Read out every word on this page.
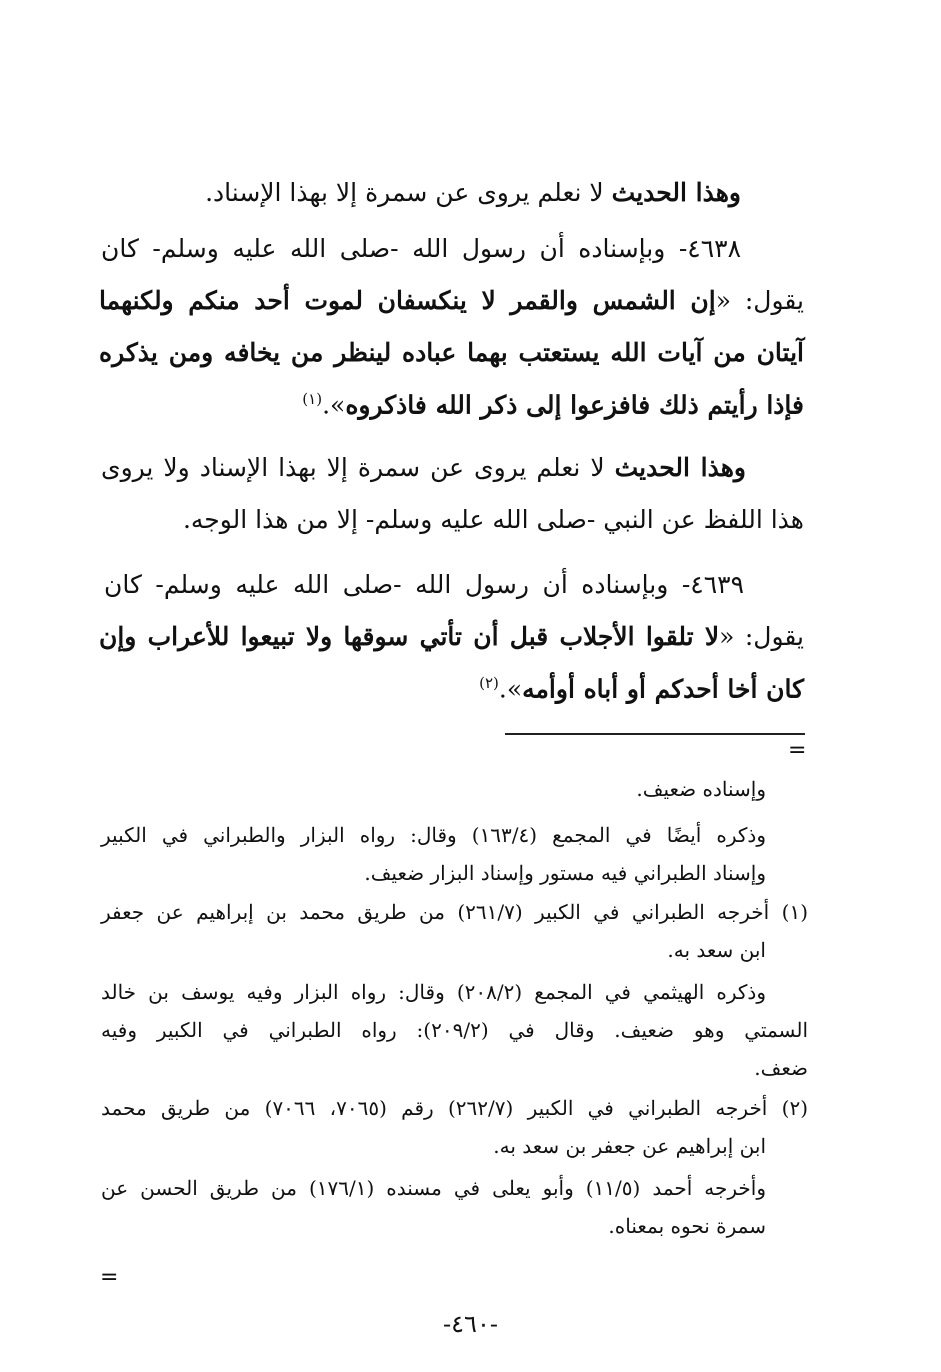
وهذا الحديث لا نعلم يروى عن سمرة إلا بهذا الإسناد.
٤٦٣٨- وبإسناده أن رسول الله -صلى الله عليه وسلم- كان
يقول: «إن الشمس والقمر لا ينكسفان لموت أحد منكم ولكنهما
آيتان من آيات الله يستعتب بهما عباده لينظر من يخافه ومن يذكره
فإذا رأيتم ذلك فافزعوا إلى ذكر الله فاذكروه».$^{(١)}$
وهذا الحديث لا نعلم يروى عن سمرة إلا بهذا الإسناد ولا يروى
هذا اللفظ عن النبي -صلى الله عليه وسلم- إلا من هذا الوجه.
٤٦٣٩- وبإسناده أن رسول الله -صلى الله عليه وسلم- كان
يقول: «لا تلقوا الأجلاب قبل أن تأتي سوقها ولا تبيعوا للأعراب وإن
كان أخا أحدكم أو أباه أوأمه».$^{(٢)}$
=
وإسناده ضعيف.
وذكره أيضًا في المجمع (١٦٣/٤) وقال: رواه البزار والطبراني في الكبير
وإسناد الطبراني فيه مستور وإسناد البزار ضعيف.
(١) أخرجه الطبراني في الكبير (٢٦١/٧) من طريق محمد بن إبراهيم عن جعفر
ابن سعد به.
وذكره الهيثمي في المجمع (٢٠٨/٢) وقال: رواه البزار وفيه يوسف بن خالد
السمتي وهو ضعيف. وقال في (٢٠٩/٢): رواه الطبراني في الكبير وفيه
ضعف.
(٢) أخرجه الطبراني في الكبير (٢٦٢/٧) رقم (٧٠٦٥، ٧٠٦٦) من طريق محمد
ابن إبراهيم عن جعفر بن سعد به.
وأخرجه أحمد (١١/٥) وأبو يعلى في مسنده (١٧٦/١) من طريق الحسن عن
سمرة نحوه بمعناه.
=
-٤٦٠-
